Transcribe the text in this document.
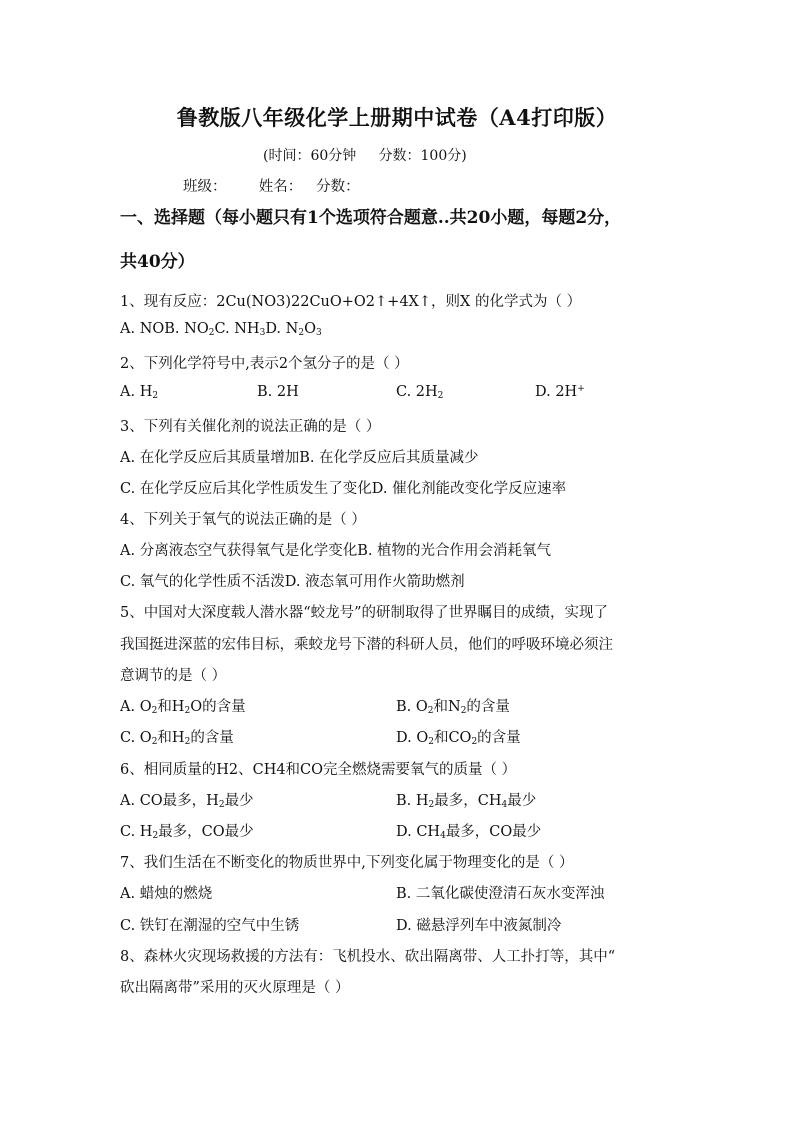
鲁教版八年级化学上册期中试卷（A4打印版）
(时间：60分钟     分数：100分)
班级：       姓名：   分数：
一、选择题（每小题只有1个选项符合题意..共20小题，每题2分，
共40分）
1、现有反应：2Cu(NO3)22CuO+O2↑+4X↑，则X 的化学式为（ ）
A. NOB. $NO_2C$. $NH_3D$. $N_2O_3$
2、下列化学符号中,表示2个氢分子的是（ ）
A. $H_2$	B. 2H	C. $2H_2$	D. 2H+
3、下列有关催化剂的说法正确的是（ ）
A. 在化学反应后其质量增加B. 在化学反应后其质量减少
C. 在化学反应后其化学性质发生了变化D. 催化剂能改变化学反应速率
4、下列关于氧气的说法正确的是（ ）
A. 分离液态空气获得氧气是化学变化B. 植物的光合作用会消耗氧气
C. 氧气的化学性质不活泼D. 液态氧可用作火箭助燃剂
5、中国对大深度载人潜水器“蛟龙号”的研制取得了世界瞩目的成绩，实现了
我国挺进深蓝的宏伟目标，乘蛟龙号下潜的科研人员，他们的呼吸环境必须注
意调节的是（ ）
A. $O_2$和$H_2O$的含量	B. $O_2$和$N_2$的含量
C. $O_2$和$H_2$的含量	D. $O_2$和$CO_2$的含量
6、相同质量的H2、CH4和CO完全燃烧需要氧气的质量（ ）
A. CO最多，$H_2$最少	B. $H_2$最多，$CH_4$最少
C. $H_2$最多，CO最少	D. $CH_4$最多，CO最少
7、我们生活在不断变化的物质世界中,下列变化属于物理变化的是（ ）
A. 蜡烛的燃烧	B. 二氧化碳使澄清石灰水变浑浊
C. 铁钉在潮湿的空气中生锈	D. 磁悬浮列车中液氮制冷
8、森林火灾现场救援的方法有：飞机投水、砍出隔离带、人工扑打等，其中“
砍出隔离带”采用的灭火原理是（ ）
